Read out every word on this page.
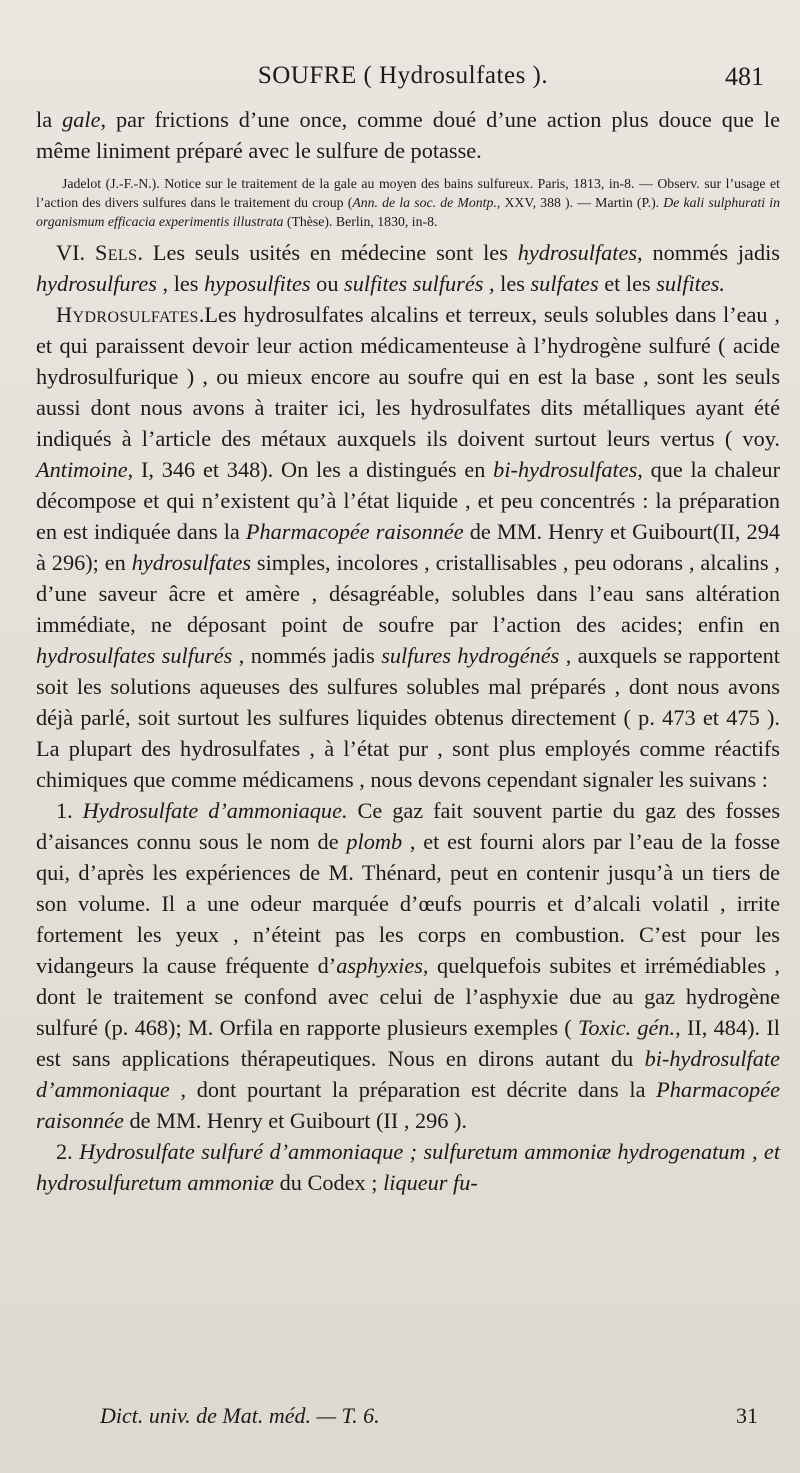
SOUFRE ( Hydrosulfates ).	481

la gale, par frictions d’une once, comme doué d’une action plus douce que le même liniment préparé avec le sulfure de potasse.

Jadelot (J.-F.-N.). Notice sur le traitement de la gale au moyen des bains sulfureux. Paris, 1813, in-8. — Observ. sur l’usage et l’action des divers sulfures dans le traitement du croup (Ann. de la soc. de Montp., XXV, 388 ). — Martin (P.). De kali sulphurati in organismum efficacia experimentis illustrata (Thèse). Berlin, 1830, in-8.

VI. Sels. Les seuls usités en médecine sont les hydrosulfates, nommés jadis hydrosulfures , les hyposulfites ou sulfites sulfurés , les sulfates et les sulfites.

Hydrosulfates.Les hydrosulfates alcalins et terreux, seuls solubles dans l’eau , et qui paraissent devoir leur action médicamenteuse à l’hydrogène sulfuré ( acide hydrosulfurique ) , ou mieux encore au soufre qui en est la base , sont les seuls aussi dont nous avons à traiter ici, les hydrosulfates dits métalliques ayant été indiqués à l’article des métaux auxquels ils doivent surtout leurs vertus ( voy. Antimoine, I, 346 et 348). On les a distingués en bi-hydrosulfates, que la chaleur décompose et qui n’existent qu’à l’état liquide , et peu concentrés : la préparation en est indiquée dans la Pharmacopée raisonnée de MM. Henry et Guibourt(II, 294 à 296); en hydrosulfates simples, incolores , cristallisables , peu odorans , alcalins , d’une saveur âcre et amère , désagréable, solubles dans l’eau sans altération immédiate, ne déposant point de soufre par l’action des acides; enfin en hydrosulfates sulfurés , nommés jadis sulfures hydrogénés , auxquels se rapportent soit les solutions aqueuses des sulfures solubles mal préparés , dont nous avons déjà parlé, soit surtout les sulfures liquides obtenus directement ( p. 473 et 475 ). La plupart des hydrosulfates , à l’état pur , sont plus employés comme réactifs chimiques que comme médicamens , nous devons cependant signaler les suivans :

1. Hydrosulfate d’ammoniaque. Ce gaz fait souvent partie du gaz des fosses d’aisances connu sous le nom de plomb , et est fourni alors par l’eau de la fosse qui, d’après les expériences de M. Thénard, peut en contenir jusqu’à un tiers de son volume. Il a une odeur marquée d’œufs pourris et d’alcali volatil , irrite fortement les yeux , n’éteint pas les corps en combustion. C’est pour les vidangeurs la cause fréquente d’asphyxies, quelquefois subites et irrémédiables , dont le traitement se confond avec celui de l’asphyxie due au gaz hydrogène sulfuré (p. 468); M. Orfila en rapporte plusieurs exemples ( Toxic. gén., II, 484). Il est sans applications thérapeutiques. Nous en dirons autant du bi-hydrosulfate d’ammoniaque , dont pourtant la préparation est décrite dans la Pharmacopée raisonnée de MM. Henry et Guibourt (II , 296 ).

2. Hydrosulfate sulfuré d’ammoniaque ; sulfuretum ammoniæ hydrogenatum , et hydrosulfuretum ammoniæ du Codex ; liqueur fu-

Dict. univ. de Mat. méd. — T. 6.	31
